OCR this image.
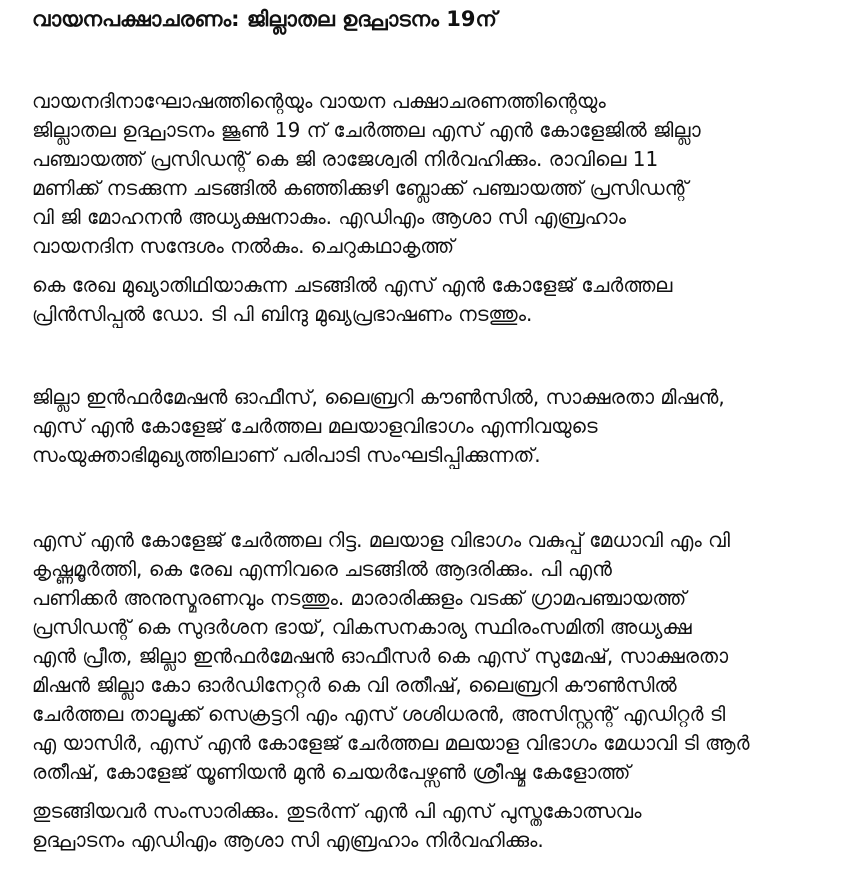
വായനപക്ഷാചരണം: ജില്ലാതല ഉദ്ഘാടനം 19ന്

വായനദിനാഘോഷത്തിന്റെയും വായന പക്ഷാചരണത്തിന്റെയും
ജില്ലാതല ഉദ്ഘാടനം ജൂൺ 19 ന് ചേർത്തല എസ് എൻ കോളേജിൽ ജില്ലാ
പഞ്ചായത്ത് പ്രസിഡന്റ് കെ ജി രാജേശ്വരി നിർവഹിക്കും. രാവിലെ 11
മണിക്ക് നടക്കുന്ന ചടങ്ങിൽ കഞ്ഞിക്കുഴി ബ്ലോക്ക് പഞ്ചായത്ത് പ്രസിഡന്റ്
വി ജി മോഹനൻ അധ്യക്ഷനാകും. എഡിഎം ആശാ സി എബ്രഹാം
വായനദിന സന്ദേശം നൽകും. ചെറുകഥാകൃത്ത്

കെ രേഖ മുഖ്യാതിഥിയാകുന്ന ചടങ്ങിൽ എസ് എൻ കോളേജ് ചേർത്തല
പ്രിൻസിപ്പൽ ഡോ. ടി പി ബിന്ദു മുഖ്യപ്രഭാഷണം നടത്തും.

ജില്ലാ ഇൻഫർമേഷൻ ഓഫീസ്, ലൈബ്രറി കൗൺസിൽ, സാക്ഷരതാ മിഷൻ,
എസ് എൻ കോളേജ് ചേർത്തല മലയാളവിഭാഗം എന്നിവയുടെ
സംയുക്താഭിമുഖ്യത്തിലാണ് പരിപാടി സംഘടിപ്പിക്കുന്നത്.

എസ് എൻ കോളേജ് ചേർത്തല റിട്ട. മലയാള വിഭാഗം വകുപ്പ് മേധാവി എം വി
കൃഷ്ണമൂർത്തി, കെ രേഖ എന്നിവരെ ചടങ്ങിൽ ആദരിക്കും. പി എൻ
പണിക്കർ അനുസ്മരണവും നടത്തും. മാരാരിക്കുളം വടക്ക് ഗ്രാമപഞ്ചായത്ത്
പ്രസിഡന്റ് കെ സുദർശന ഭായ്, വികസനകാര്യ സ്ഥിരംസമിതി അധ്യക്ഷ
എൻ പ്രീത, ജില്ലാ ഇൻഫർമേഷൻ ഓഫീസർ കെ എസ് സുമേഷ്, സാക്ഷരതാ
മിഷൻ ജില്ലാ കോ ഓർഡിനേറ്റർ കെ വി രതീഷ്, ലൈബ്രറി കൗൺസിൽ
ചേർത്തല താലൂക്ക് സെക്രട്ടറി എം എസ് ശശിധരൻ, അസിസ്റ്റന്റ് എഡിറ്റർ ടി
എ യാസിർ, എസ് എൻ കോളേജ് ചേർത്തല മലയാള വിഭാഗം മേധാവി ടി ആർ
രതീഷ്, കോളേജ് യൂണിയൻ മുൻ ചെയർപേഴ്സൺ ശ്രീഷ്മ കേളോത്ത്

തുടങ്ങിയവർ സംസാരിക്കും. തുടർന്ന് എൻ പി എസ് പുസ്തകോത്സവം
ഉദ്ഘാടനം എഡിഎം ആശാ സി എബ്രഹാം നിർവഹിക്കും.
